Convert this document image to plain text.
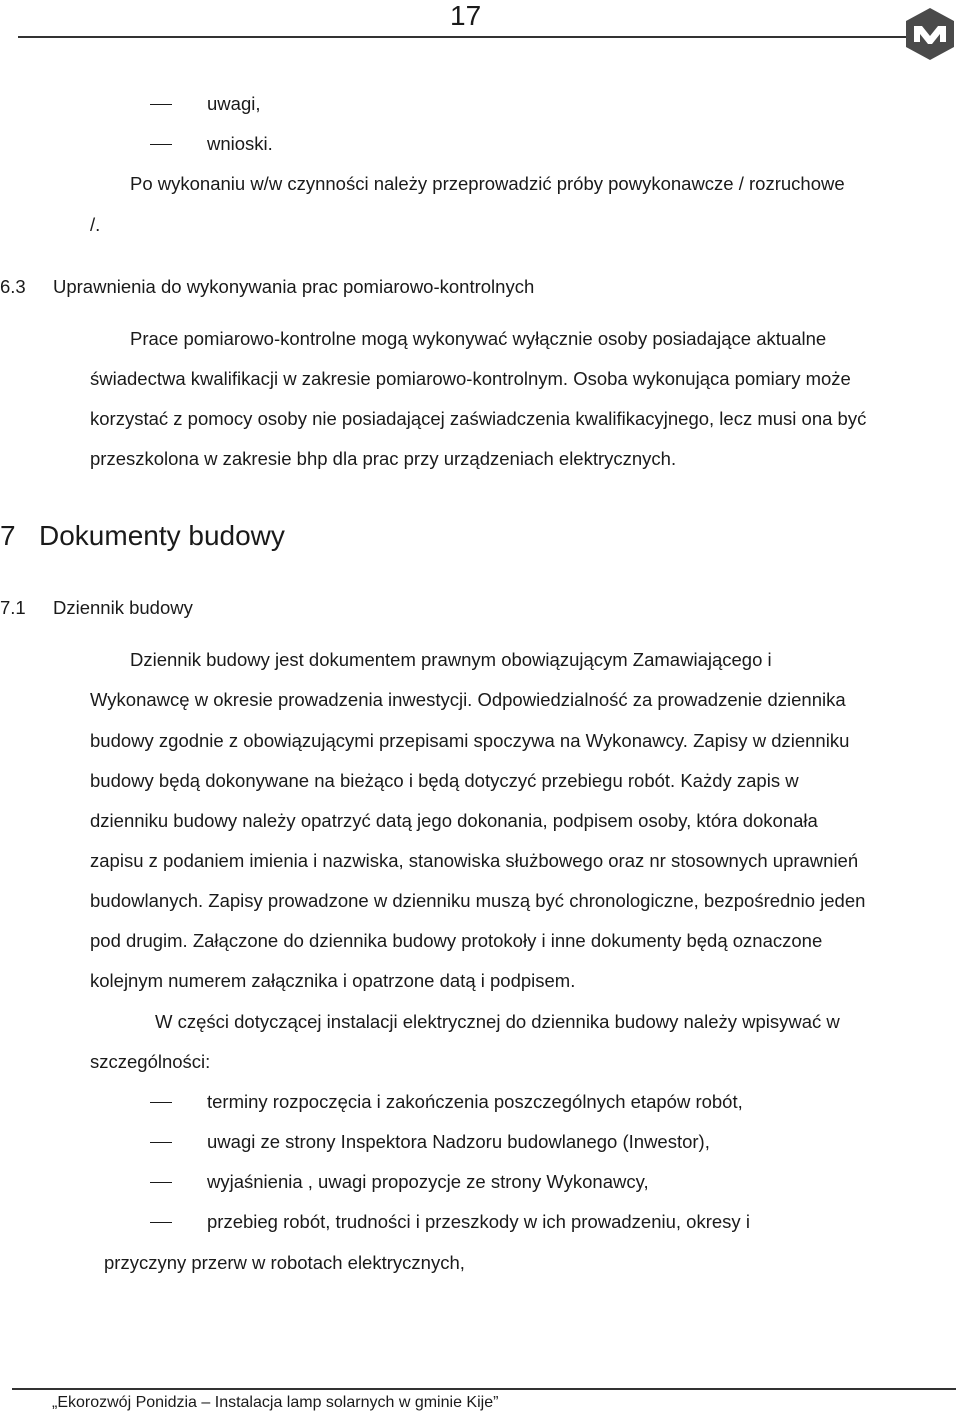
17
uwagi,
wnioski.
Po wykonaniu w/w czynności należy przeprowadzić próby powykonawcze / rozruchowe
/.
6.3 Uprawnienia do wykonywania prac pomiarowo-kontrolnych
Prace pomiarowo-kontrolne mogą wykonywać wyłącznie osoby posiadające aktualne
świadectwa kwalifikacji w zakresie pomiarowo-kontrolnym. Osoba wykonująca pomiary może
korzystać z pomocy osoby nie posiadającej zaświadczenia kwalifikacyjnego, lecz musi ona być
przeszkolona w zakresie bhp dla prac przy urządzeniach elektrycznych.
7 Dokumenty budowy
7.1 Dziennik budowy
Dziennik budowy jest dokumentem prawnym obowiązującym Zamawiającego i
Wykonawcę w okresie prowadzenia inwestycji. Odpowiedzialność za prowadzenie dziennika
budowy zgodnie z obowiązującymi przepisami spoczywa na Wykonawcy. Zapisy w dzienniku
budowy będą dokonywane na bieżąco i będą dotyczyć przebiegu robót. Każdy zapis w
dzienniku budowy należy opatrzyć datą jego dokonania, podpisem osoby, która dokonała
zapisu z podaniem imienia i nazwiska, stanowiska służbowego oraz nr stosownych uprawnień
budowlanych. Zapisy prowadzone w dzienniku muszą być chronologiczne, bezpośrednio jeden
pod drugim. Załączone do dziennika budowy protokoły i inne dokumenty będą oznaczone
kolejnym numerem załącznika i opatrzone datą i podpisem.
W części dotyczącej instalacji elektrycznej do dziennika budowy należy wpisywać w
szczególności:
terminy rozpoczęcia i zakończenia poszczególnych etapów robót,
uwagi ze strony Inspektora Nadzoru budowlanego (Inwestor),
wyjaśnienia , uwagi propozycje ze strony Wykonawcy,
przebieg robót, trudności i przeszkody w ich prowadzeniu, okresy i
przyczyny przerw w robotach elektrycznych,
„Ekorozwój Ponidzia – Instalacja lamp solarnych w gminie Kije”
